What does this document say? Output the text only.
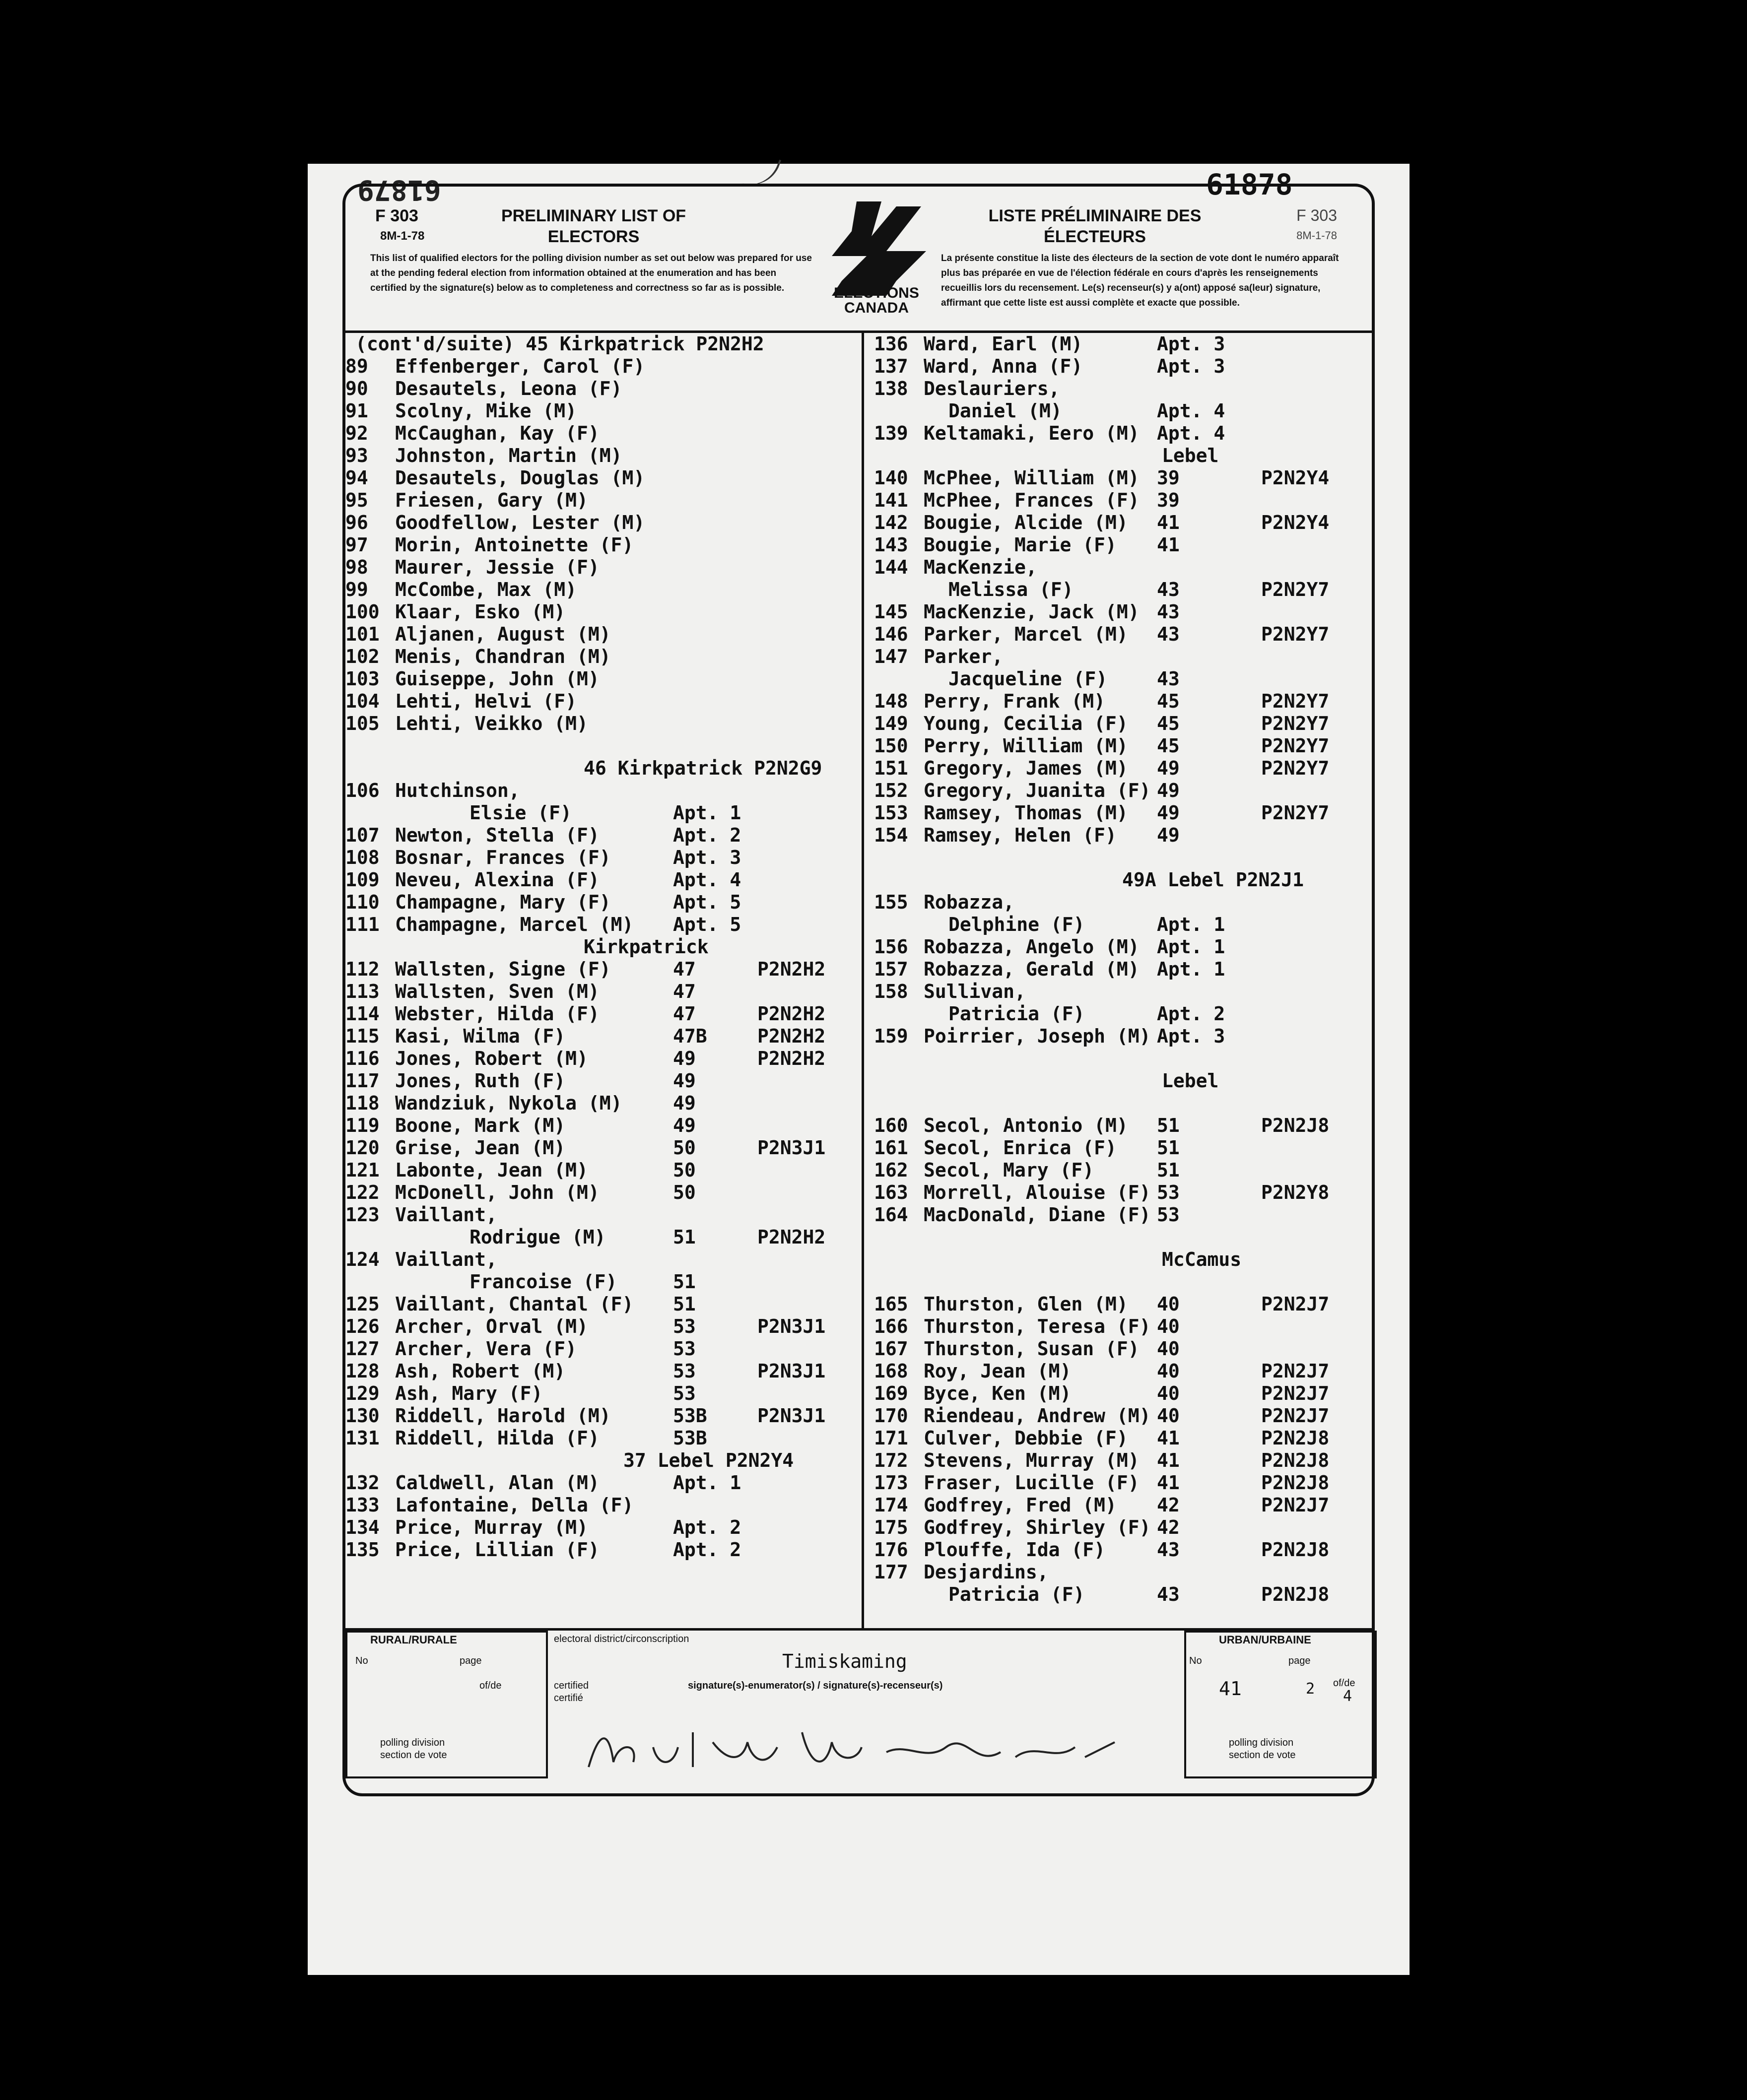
61879	61878
F 303
8M-1-78
F 303
8M-1-78
PRELIMINARY LIST OF
ELECTORS
LISTE PRÉLIMINAIRE DES
ÉLECTEURS
This list of qualified electors for the polling division number as set out below was prepared for use at the pending federal election from information obtained at the enumeration and has been certified by the signature(s) below as to completeness and correctness so far as is possible.
La présente constitue la liste des électeurs de la section de vote dont le numéro apparaît plus bas préparée en vue de l'élection fédérale en cours d'après les renseignements recueillis lors du recensement. Le(s) recenseur(s) y a(ont) apposé sa(leur) signature, affirmant que cette liste est aussi complète et exacte que possible.
ELECTIONS
CANADA
(cont'd/suite) 45 Kirkpatrick P2N2H2
89 Effenberger, Carol (F)
90 Desautels, Leona (F)
91 Scolny, Mike (M)
92 McCaughan, Kay (F)
93 Johnston, Martin (M)
94 Desautels, Douglas (M)
95 Friesen, Gary (M)
96 Goodfellow, Lester (M)
97 Morin, Antoinette (F)
98 Maurer, Jessie (F)
99 McCombe, Max (M)
100 Klaar, Esko (M)
101 Aljanen, August (M)
102 Menis, Chandran (M)
103 Guiseppe, John (M)
104 Lehti, Helvi (F)
105 Lehti, Veikko (M)
46 Kirkpatrick P2N2G9
106 Hutchinson,
Elsie (F)	Apt. 1
107 Newton, Stella (F)	Apt. 2
108 Bosnar, Frances (F)	Apt. 3
109 Neveu, Alexina (F)	Apt. 4
110 Champagne, Mary (F)	Apt. 5
111 Champagne, Marcel (M) Apt. 5
Kirkpatrick
112 Wallsten, Signe (F)	47	P2N2H2
113 Wallsten, Sven (M)	47
114 Webster, Hilda (F)	47	P2N2H2
115 Kasi, Wilma (F)	47B	P2N2H2
116 Jones, Robert (M)	49	P2N2H2
117 Jones, Ruth (F)	49
118 Wandziuk, Nykola (M)	49
119 Boone, Mark (M)	49
120 Grise, Jean (M)	50	P2N3J1
121 Labonte, Jean (M)	50
122 McDonell, John (M)	50
123 Vaillant,
Rodrigue (M)	51	P2N2H2
124 Vaillant,
Francoise (F)	51
125 Vaillant, Chantal (F) 51
126 Archer, Orval (M)	53	P2N3J1
127 Archer, Vera (F)	53
128 Ash, Robert (M)	53	P2N3J1
129 Ash, Mary (F)	53
130 Riddell, Harold (M)	53B	P2N3J1
131 Riddell, Hilda (F)	53B
37 Lebel P2N2Y4
132 Caldwell, Alan (M)	Apt. 1
133 Lafontaine, Della (F)
134 Price, Murray (M)	Apt. 2
135 Price, Lillian (F)	Apt. 2
136 Ward, Earl (M)	Apt. 3
137 Ward, Anna (F)	Apt. 3
138 Deslauriers,
Daniel (M)	Apt. 4
139 Keltamaki, Eero (M) Apt. 4
Lebel
140 McPhee, William (M) 39	P2N2Y4
141 McPhee, Frances (F) 39
142 Bougie, Alcide (M) 41	P2N2Y4
143 Bougie, Marie (F) 41
144 MacKenzie,
Melissa (F)	43	P2N2Y7
145 MacKenzie, Jack (M) 43
146 Parker, Marcel (M) 43	P2N2Y7
147 Parker,
Jacqueline (F)	43
148 Perry, Frank (M)	45	P2N2Y7
149 Young, Cecilia (F) 45	P2N2Y7
150 Perry, William (M) 45	P2N2Y7
151 Gregory, James (M) 49	P2N2Y7
152 Gregory, Juanita (F) 49
153 Ramsey, Thomas (M) 49	P2N2Y7
154 Ramsey, Helen (F) 49
49A Lebel P2N2J1
155 Robazza,
Delphine (F)	Apt. 1
156 Robazza, Angelo (M) Apt. 1
157 Robazza, Gerald (M) Apt. 1
158 Sullivan,
Patricia (F)	Apt. 2
159 Poirrier, Joseph (M) Apt. 3
Lebel
160 Secol, Antonio (M) 51	P2N2J8
161 Secol, Enrica (F) 51
162 Secol, Mary (F)	51
163 Morrell, Alouise (F) 53	P2N2Y8
164 MacDonald, Diane (F) 53
McCamus
165 Thurston, Glen (M) 40	P2N2J7
166 Thurston, Teresa (F) 40
167 Thurston, Susan (F) 40
168 Roy, Jean (M)	40	P2N2J7
169 Byce, Ken (M)	40	P2N2J7
170 Riendeau, Andrew (M) 40	P2N2J7
171 Culver, Debbie (F) 41	P2N2J8
172 Stevens, Murray (M) 41	P2N2J8
173 Fraser, Lucille (F) 41	P2N2J8
174 Godfrey, Fred (M) 42	P2N2J7
175 Godfrey, Shirley (F) 42
176 Plouffe, Ida (F)	43	P2N2J8
177 Desjardins,
Patricia (F)	43	P2N2J8
RURAL/RURALE
No	page
of/de
polling division
section de vote
electoral district/circonscription
Timiskaming
certified
certifié
signature(s)-enumerator(s) / signature(s)-recenseur(s)
URBAN/URBAINE
No	page
of/de
41	2 4
polling division
section de vote
